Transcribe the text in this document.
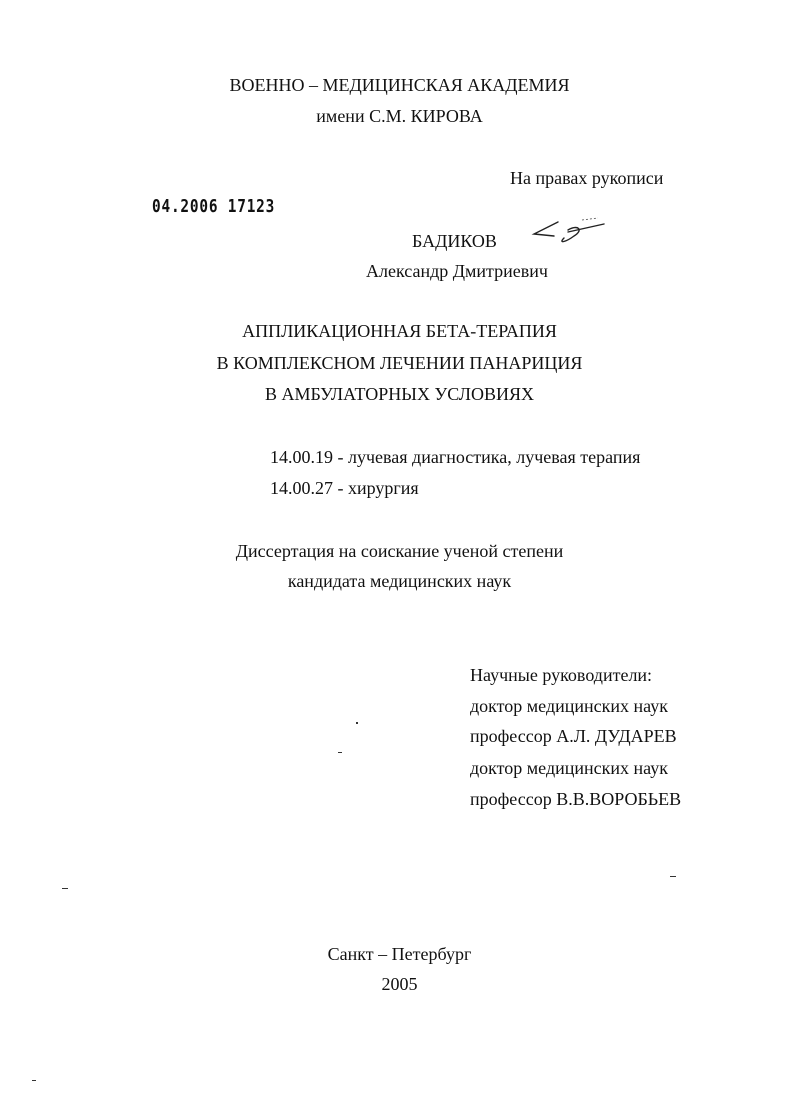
ВОЕННО – МЕДИЦИНСКАЯ АКАДЕМИЯ
имени С.М. КИРОВА
На правах рукописи
04.2006 17123
БАДИКОВ
Александр Дмитриевич
АППЛИКАЦИОННАЯ БЕТА-ТЕРАПИЯ
В КОМПЛЕКСНОМ ЛЕЧЕНИИ ПАНАРИЦИЯ
В АМБУЛАТОРНЫХ УСЛОВИЯХ
14.00.19 - лучевая диагностика, лучевая терапия
14.00.27 - хирургия
Диссертация на соискание ученой степени
кандидата медицинских наук
Научные руководители:
доктор медицинских наук
профессор А.Л. ДУДАРЕВ
доктор медицинских наук
профессор В.В.ВОРОБЬЕВ
Санкт – Петербург
2005
